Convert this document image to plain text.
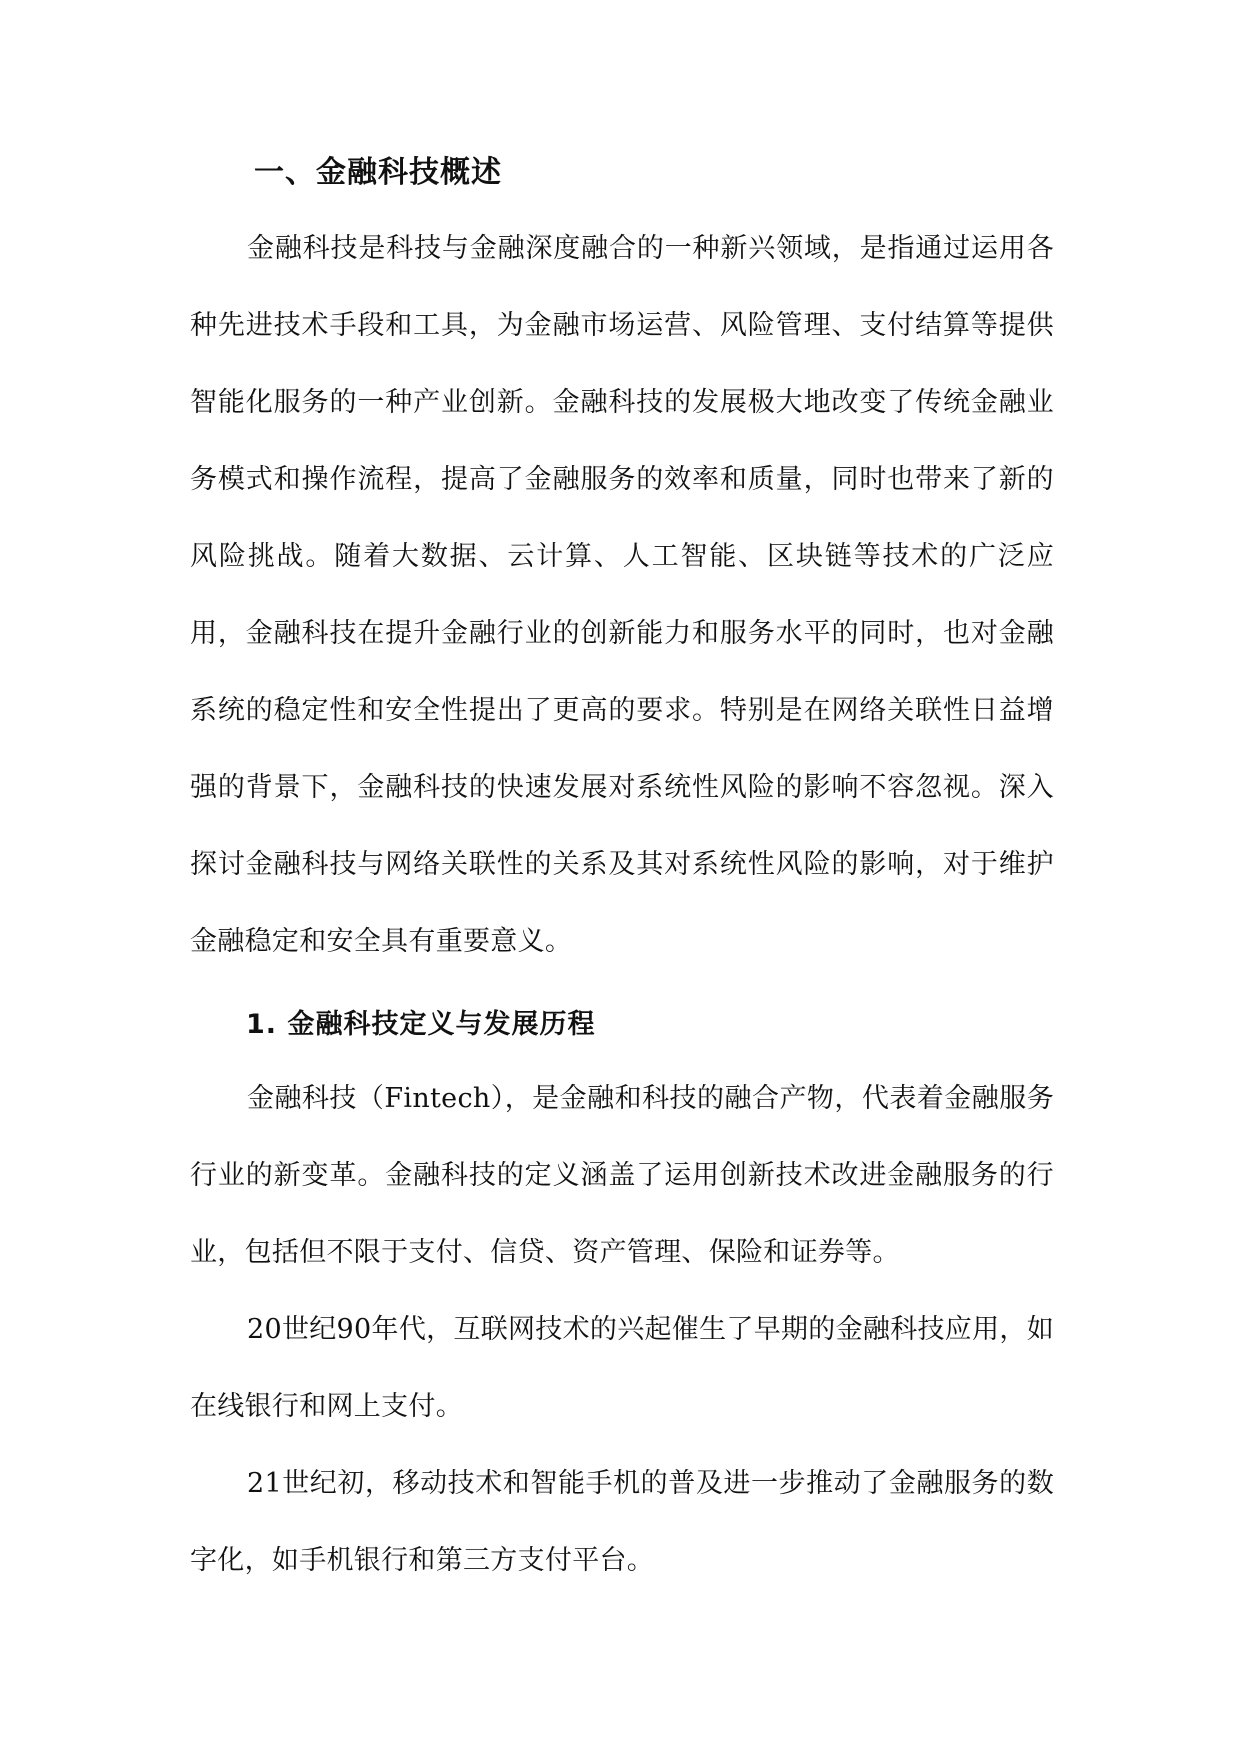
一、金融科技概述

金融科技是科技与金融深度融合的一种新兴领域，是指通过运用各种先进技术手段和工具，为金融市场运营、风险管理、支付结算等提供智能化服务的一种产业创新。金融科技的发展极大地改变了传统金融业务模式和操作流程，提高了金融服务的效率和质量，同时也带来了新的风险挑战。随着大数据、云计算、人工智能、区块链等技术的广泛应用，金融科技在提升金融行业的创新能力和服务水平的同时，也对金融系统的稳定性和安全性提出了更高的要求。特别是在网络关联性日益增强的背景下，金融科技的快速发展对系统性风险的影响不容忽视。深入探讨金融科技与网络关联性的关系及其对系统性风险的影响，对于维护金融稳定和安全具有重要意义。

1. 金融科技定义与发展历程

金融科技（Fintech），是金融和科技的融合产物，代表着金融服务行业的新变革。金融科技的定义涵盖了运用创新技术改进金融服务的行业，包括但不限于支付、信贷、资产管理、保险和证券等。

20世纪90年代，互联网技术的兴起催生了早期的金融科技应用，如在线银行和网上支付。

21世纪初，移动技术和智能手机的普及进一步推动了金融服务的数字化，如手机银行和第三方支付平台。
